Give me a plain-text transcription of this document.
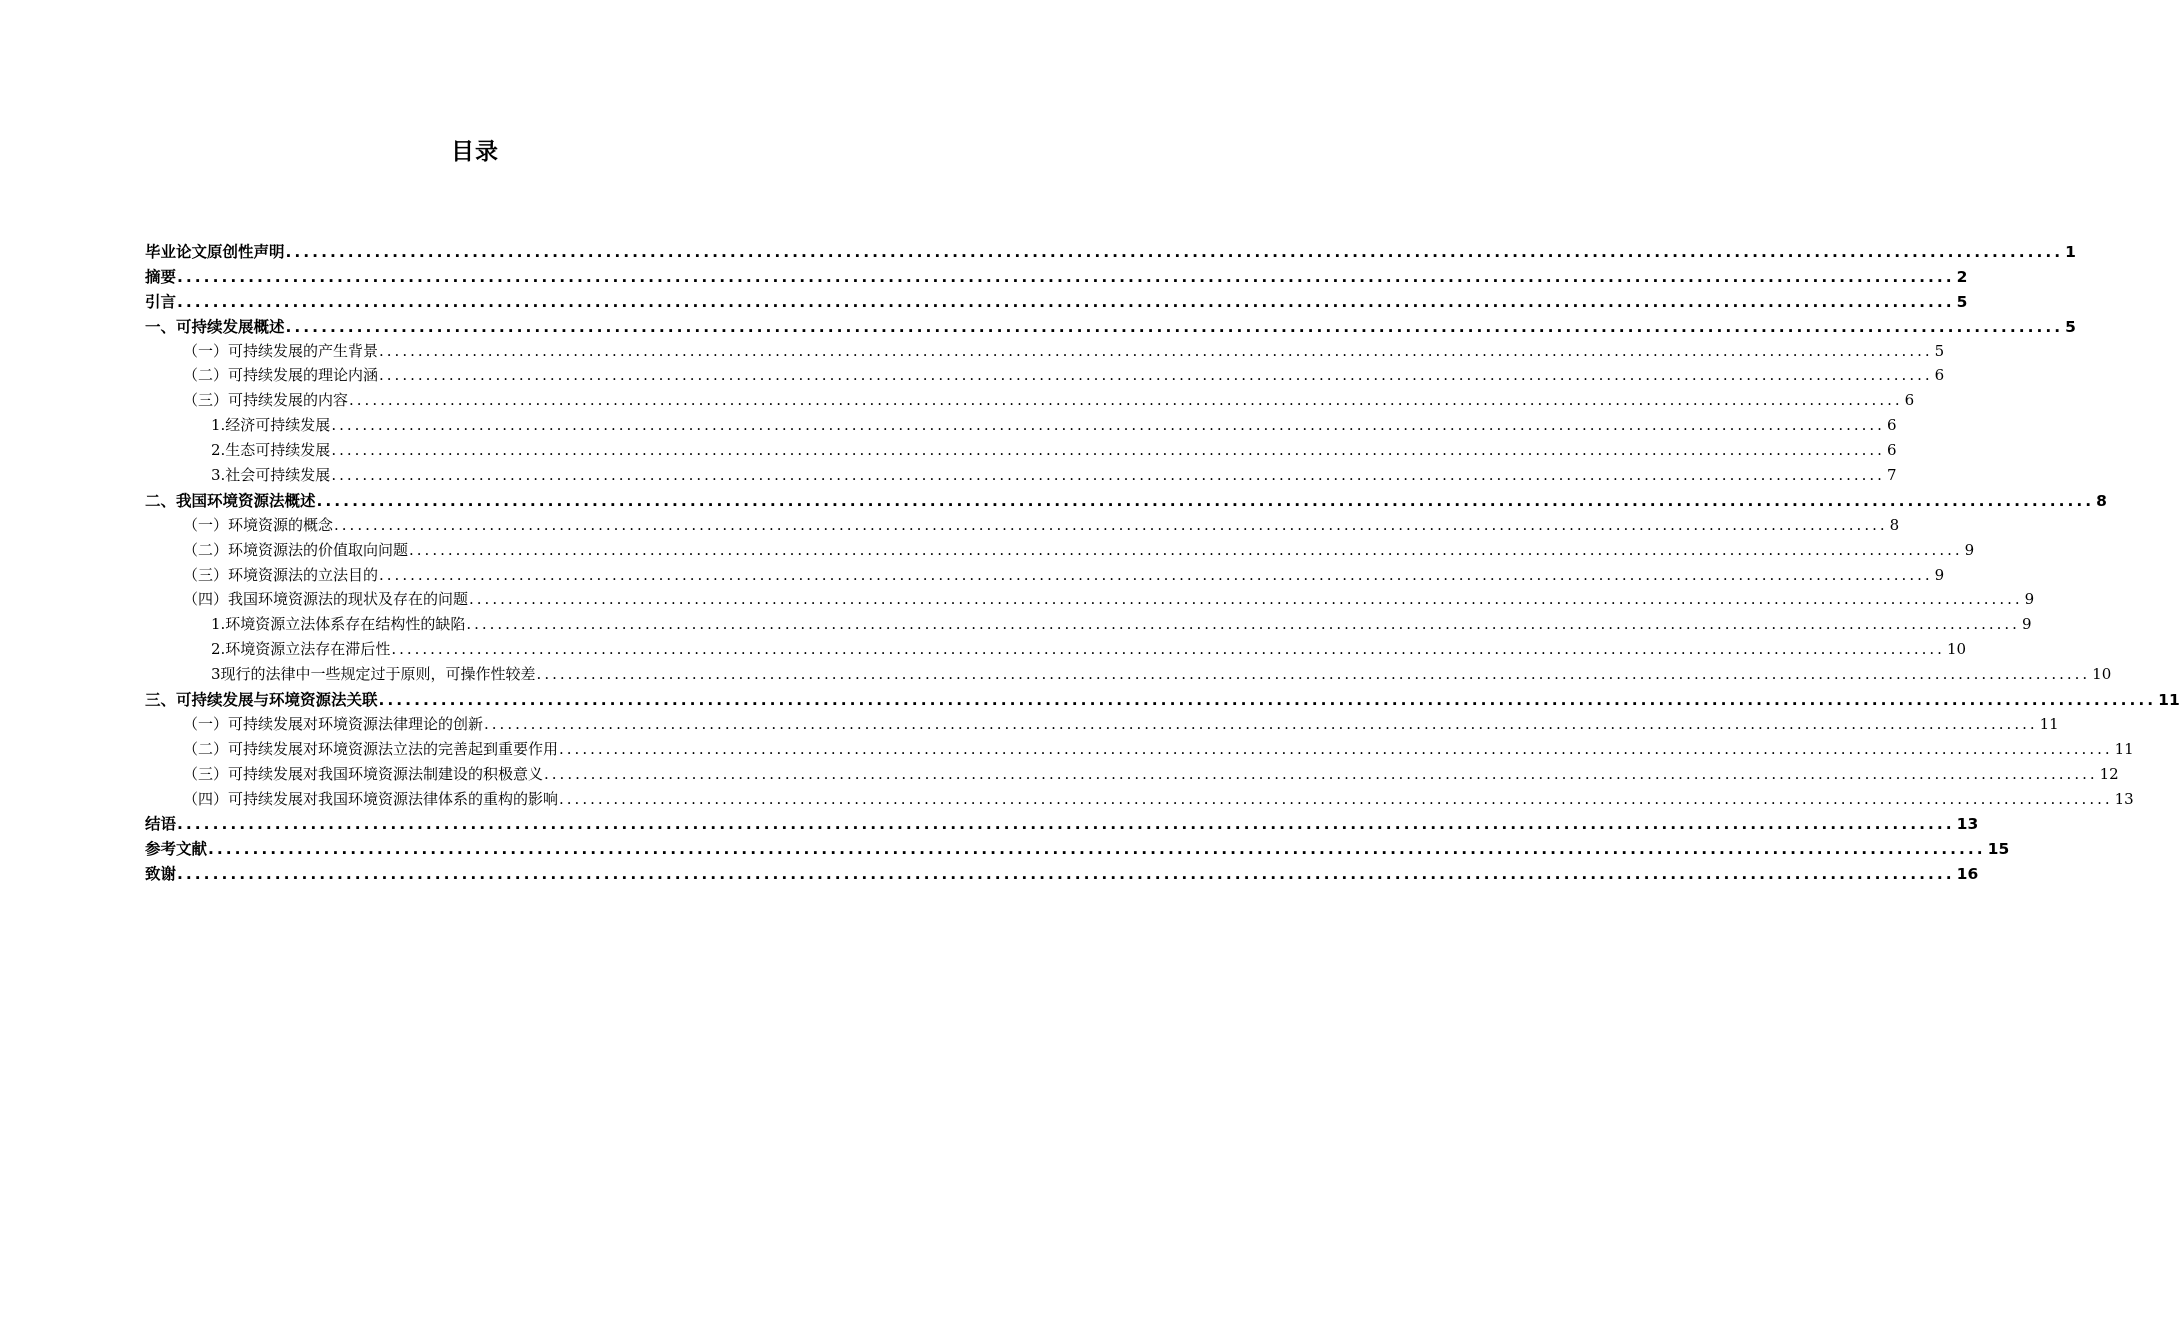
目录
毕业论文原创性声明 ........................................................................................................................................................................................................ 1
摘要 ........................................................................................................................................................................................................ 2
引言 ........................................................................................................................................................................................................ 5
一、可持续发展概述 ........................................................................................................................................................................................................ 5
（一）可持续发展的产生背景 ........................................................................................................................................................................................................ 5
（二）可持续发展的理论内涵 ........................................................................................................................................................................................................ 6
（三）可持续发展的内容 ........................................................................................................................................................................................................ 6
1.经济可持续发展 ........................................................................................................................................................................................................ 6
2.生态可持续发展 ........................................................................................................................................................................................................ 6
3.社会可持续发展 ........................................................................................................................................................................................................ 7
二、我国环境资源法概述 ........................................................................................................................................................................................................ 8
（一）环境资源的概念 ........................................................................................................................................................................................................ 8
（二）环境资源法的价值取向问题 ........................................................................................................................................................................................................ 9
（三）环境资源法的立法目的 ........................................................................................................................................................................................................ 9
（四）我国环境资源法的现状及存在的问题 ........................................................................................................................................................................................................ 9
1.环境资源立法体系存在结构性的缺陷 ........................................................................................................................................................................................................ 9
2.环境资源立法存在滞后性 ........................................................................................................................................................................................................ 10
3现行的法律中一些规定过于原则，可操作性较差 ........................................................................................................................................................................................................ 10
三、可持续发展与环境资源法关联 ........................................................................................................................................................................................................ 11
（一）可持续发展对环境资源法律理论的创新 ........................................................................................................................................................................................................ 11
（二）可持续发展对环境资源法立法的完善起到重要作用 ........................................................................................................................................................................................................ 11
（三）可持续发展对我国环境资源法制建设的积极意义 ........................................................................................................................................................................................................ 12
（四）可持续发展对我国环境资源法律体系的重构的影响 ........................................................................................................................................................................................................ 13
结语 ........................................................................................................................................................................................................ 13
参考文献 ........................................................................................................................................................................................................ 15
致谢 ........................................................................................................................................................................................................ 16
